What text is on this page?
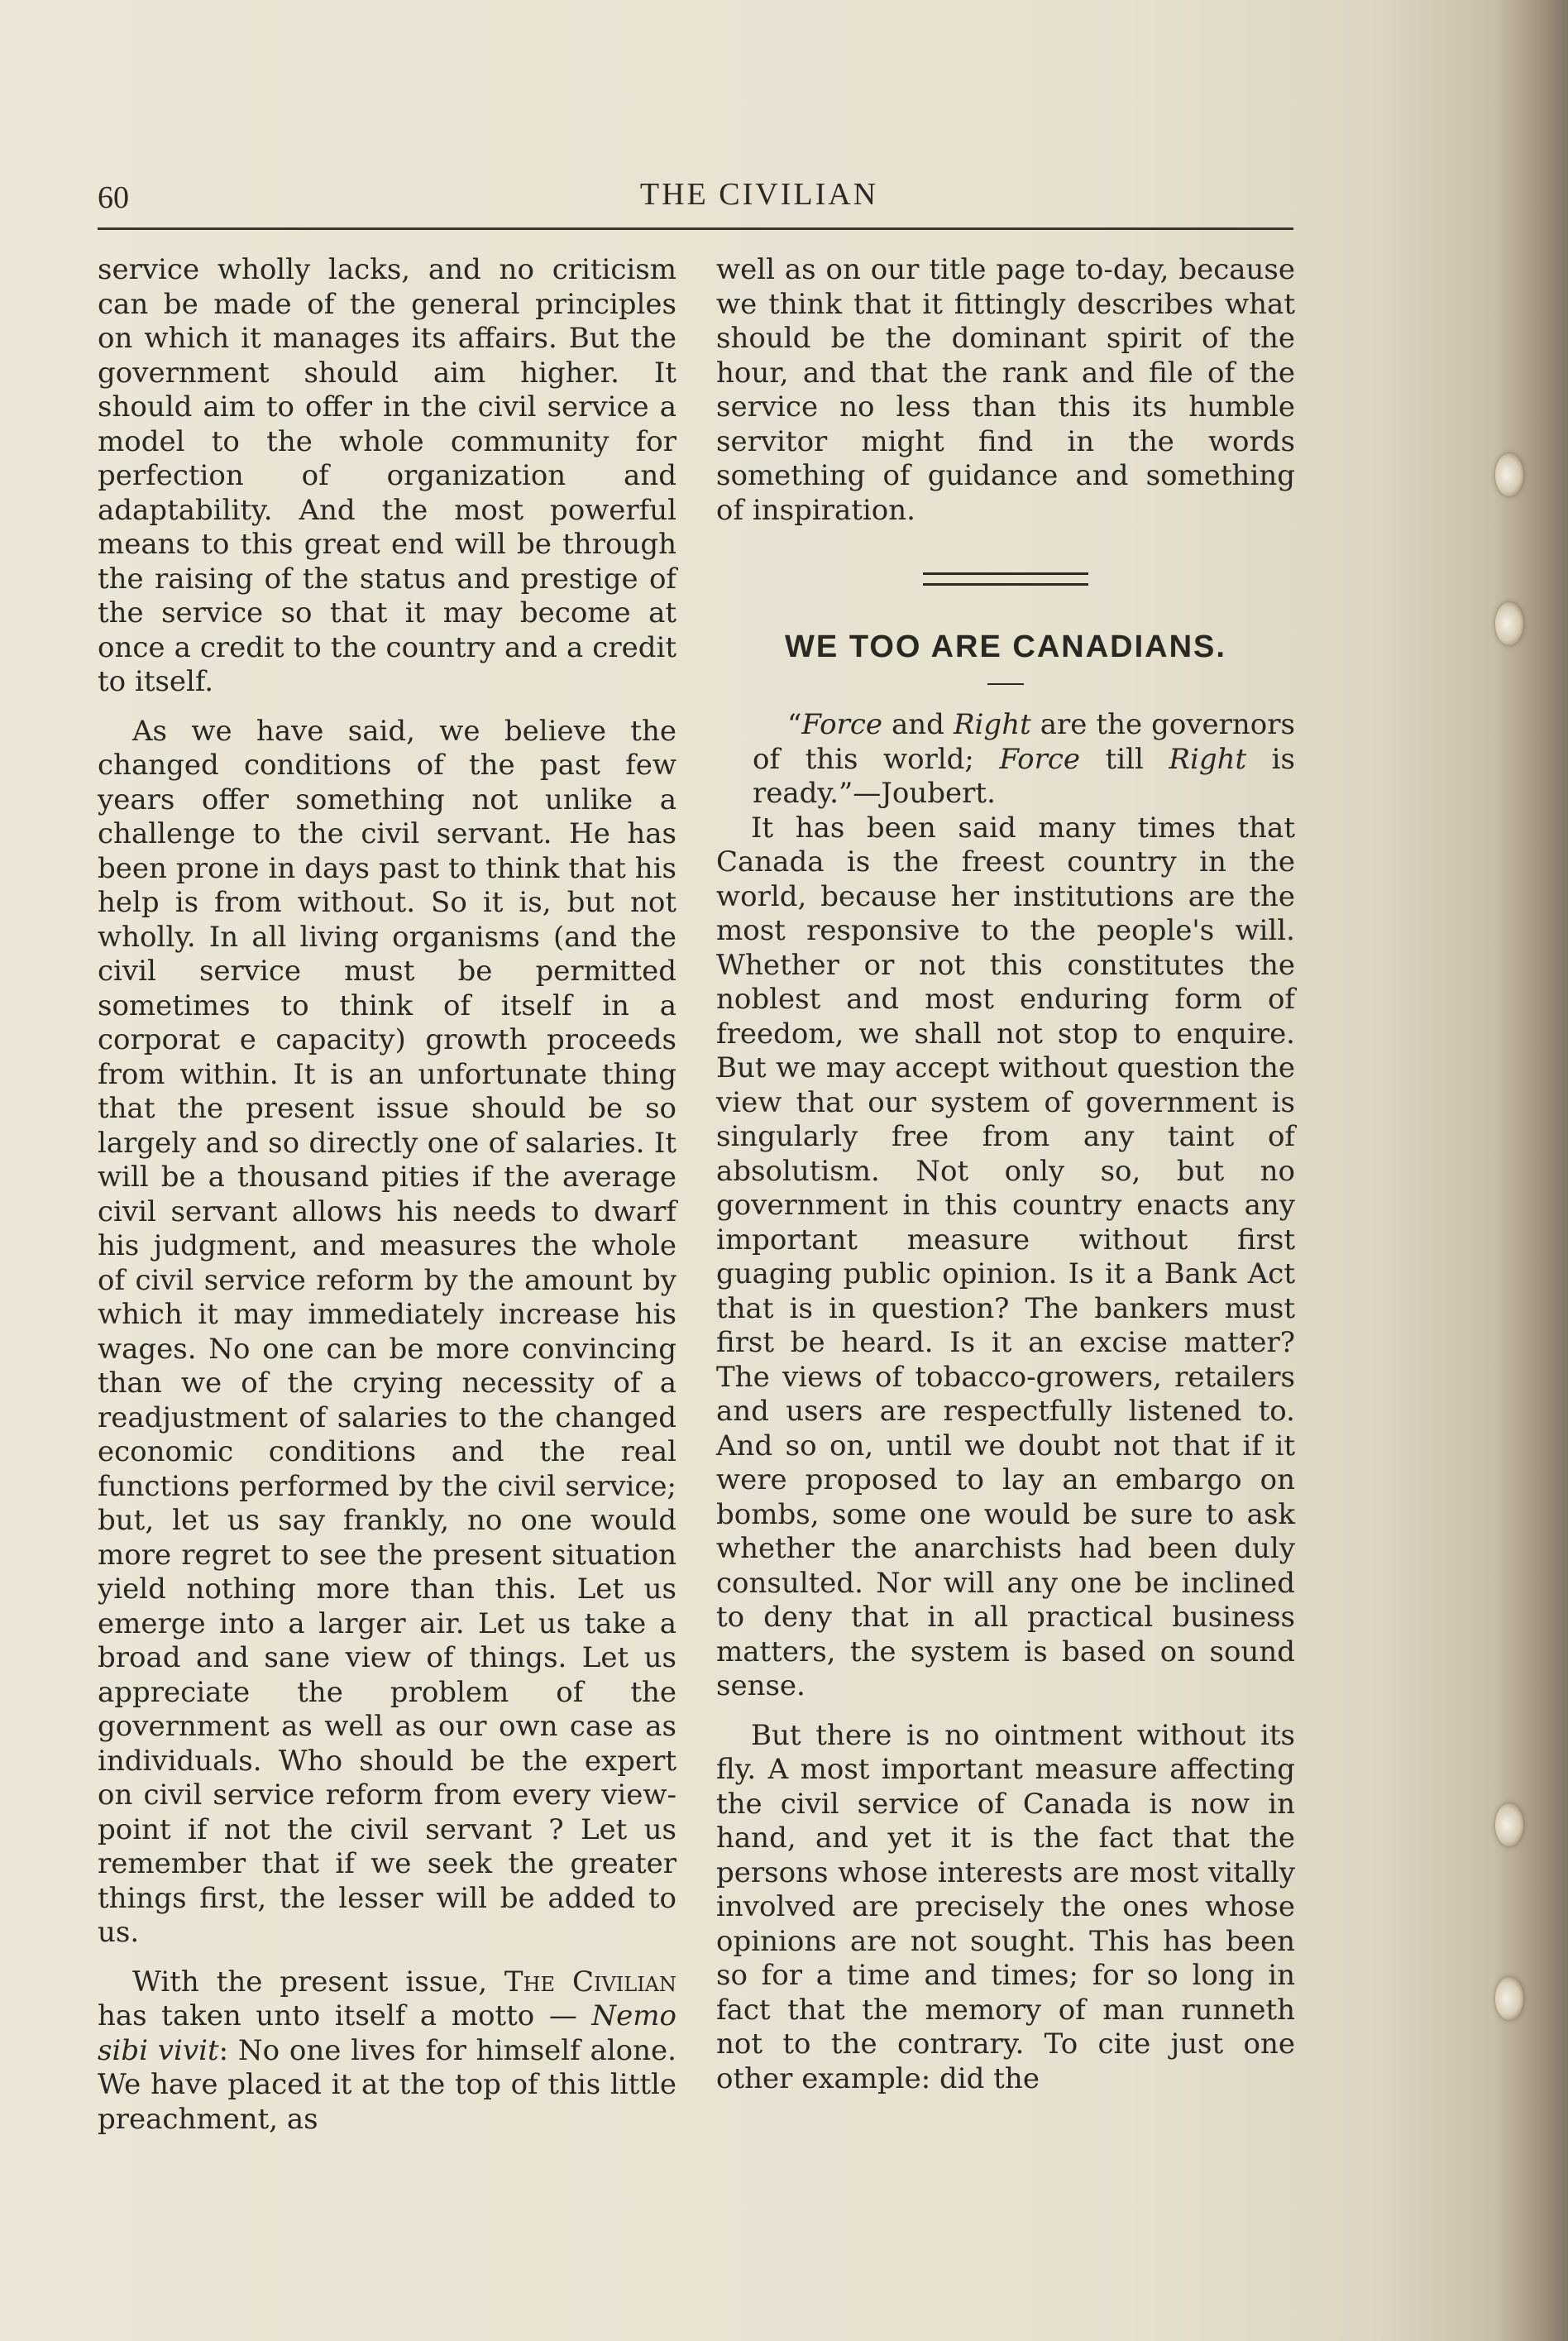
60	THE CIVILIAN

service wholly lacks, and no criticism can be made of the general principles on which it manages its affairs. But the government should aim higher. It should aim to offer in the civil service a model to the whole community for perfection of organization and adaptability. And the most powerful means to this great end will be through the raising of the status and prestige of the service so that it may become at once a credit to the country and a credit to itself.

As we have said, we believe the changed conditions of the past few years offer something not unlike a challenge to the civil servant. He has been prone in days past to think that his help is from without. So it is, but not wholly. In all living organisms (and the civil service must be permitted sometimes to think of itself in a corporat e capacity) growth proceeds from within. It is an unfortunate thing that the present issue should be so largely and so directly one of salaries. It will be a thousand pities if the average civil servant allows his needs to dwarf his judgment, and measures the whole of civil service reform by the amount by which it may immediately increase his wages. No one can be more convincing than we of the crying necessity of a readjustment of salaries to the changed economic conditions and the real functions performed by the civil service; but, let us say frankly, no one would more regret to see the present situation yield nothing more than this. Let us emerge into a larger air. Let us take a broad and sane view of things. Let us appreciate the problem of the government as well as our own case as individuals. Who should be the expert on civil service reform from every view-point if not the civil servant ? Let us remember that if we seek the greater things first, the lesser will be added to us.

With the present issue, The Civilian has taken unto itself a motto — Nemo sibi vivit: No one lives for himself alone. We have placed it at the top of this little preachment, as

well as on our title page to-day, because we think that it fittingly describes what should be the dominant spirit of the hour, and that the rank and file of the service no less than this its humble servitor might find in the words something of guidance and something of inspiration.

WE TOO ARE CANADIANS.

“Force and Right are the governors of this world; Force till Right is ready.”—Joubert.

It has been said many times that Canada is the freest country in the world, because her institutions are the most responsive to the people's will. Whether or not this constitutes the noblest and most enduring form of freedom, we shall not stop to enquire. But we may accept without question the view that our system of government is singularly free from any taint of absolutism. Not only so, but no government in this country enacts any important measure without first guaging public opinion. Is it a Bank Act that is in question? The bankers must first be heard. Is it an excise matter? The views of tobacco-growers, retailers and users are respectfully listened to. And so on, until we doubt not that if it were proposed to lay an embargo on bombs, some one would be sure to ask whether the anarchists had been duly consulted. Nor will any one be inclined to deny that in all practical business matters, the system is based on sound sense.

But there is no ointment without its fly. A most important measure affecting the civil service of Canada is now in hand, and yet it is the fact that the persons whose interests are most vitally involved are precisely the ones whose opinions are not sought. This has been so for a time and times; for so long in fact that the memory of man runneth not to the contrary. To cite just one other example: did the
